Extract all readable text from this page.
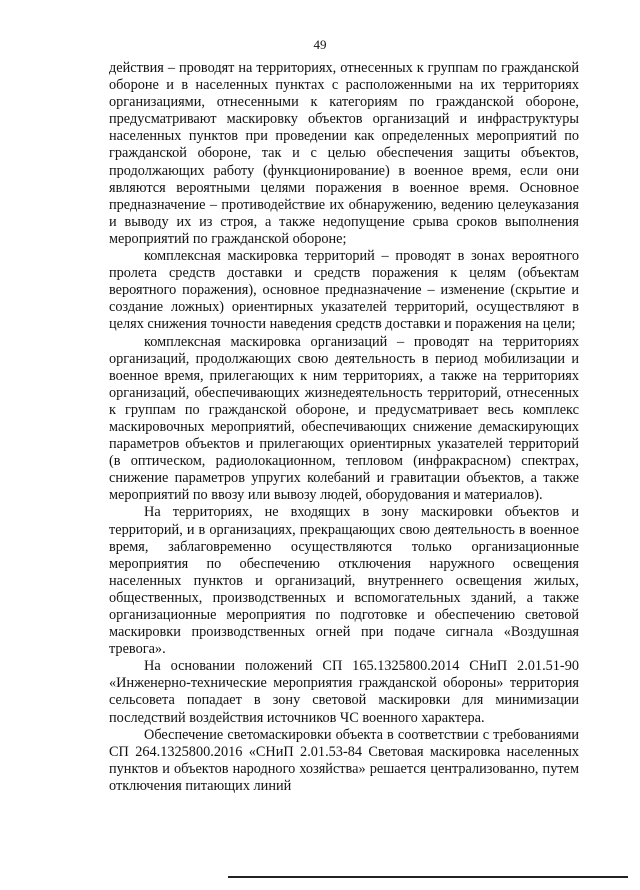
49

действия – проводят на территориях, отнесенных к группам по гражданской обороне и в населенных пунктах с расположенными на их территориях организациями, отнесенными к категориям по гражданской обороне, предусматривают маскировку объектов организаций и инфраструктуры населенных пунктов при проведении как определенных мероприятий по гражданской обороне, так и с целью обеспечения защиты объектов, продолжающих работу (функционирование) в военное время, если они являются вероятными целями поражения в военное время. Основное предназначение – противодействие их обнаружению, ведению целеуказания и выводу их из строя, а также недопущение срыва сроков выполнения мероприятий по гражданской обороне;

комплексная маскировка территорий – проводят в зонах вероятного пролета средств доставки и средств поражения к целям (объектам вероятного поражения), основное предназначение – изменение (скрытие и создание ложных) ориентирных указателей территорий, осуществляют в целях снижения точности наведения средств доставки и поражения на цели;

комплексная маскировка организаций – проводят на территориях организаций, продолжающих свою деятельность в период мобилизации и военное время, прилегающих к ним территориях, а также на территориях организаций, обеспечивающих жизнедеятельность территорий, отнесенных к группам по гражданской обороне, и предусматривает весь комплекс маскировочных мероприятий, обеспечивающих снижение демаскирующих параметров объектов и прилегающих ориентирных указателей территорий (в оптическом, радиолокационном, тепловом (инфракрасном) спектрах, снижение параметров упругих колебаний и гравитации объектов, а также мероприятий по ввозу или вывозу людей, оборудования и материалов).

На территориях, не входящих в зону маскировки объектов и территорий, и в организациях, прекращающих свою деятельность в военное время, заблаговременно осуществляются только организационные мероприятия по обеспечению отключения наружного освещения населенных пунктов и организаций, внутреннего освещения жилых, общественных, производственных и вспомогательных зданий, а также организационные мероприятия по подготовке и обеспечению световой маскировки производственных огней при подаче сигнала «Воздушная тревога».

На основании положений СП 165.1325800.2014 СНиП 2.01.51-90 «Инженерно-технические мероприятия гражданской обороны» территория сельсовета попадает в зону световой маскировки для минимизации последствий воздействия источников ЧС военного характера.

Обеспечение светомаскировки объекта в соответствии с требованиями СП 264.1325800.2016 «СНиП 2.01.53-84 Световая маскировка населенных пунктов и объектов народного хозяйства» решается централизованно, путем отключения питающих линий
